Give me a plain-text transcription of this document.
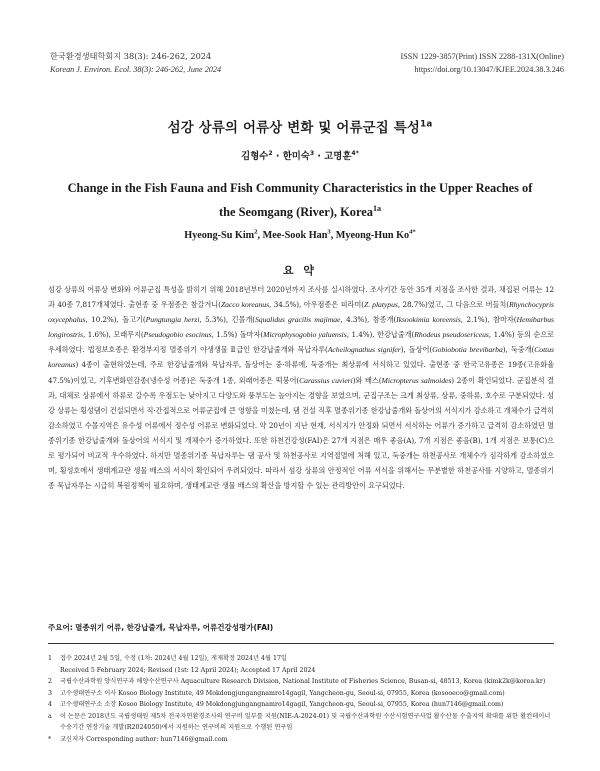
한국환경생태학회지 38(3): 246-262, 2024
Korean J. Environ. Ecol. 38(3): 246-262, June 2024
ISSN 1229-3857(Print) ISSN 2288-131X(Online)
https://doi.org/10.13047/KJEE.2024.38.3.246
섬강 상류의 어류상 변화 및 어류군집 특성$^{1a}$
김형수$^2$ · 한미숙$^3$ · 고명훈$^{4*}$
Change in the Fish Fauna and Fish Community Characteristics in the Upper Reaches of the Seomgang (River), Korea$^{1a}$
Hyeong-Su Kim$^2$, Mee-Sook Han$^3$, Myeong-Hun $Ko^{4*}$
요 약
섬강 상류의 어류상 변화와 어류군집 특성을 밝히기 위해 2018년부터 2020년까지 조사를 실시하였다. 조사기간 동안 35개 지점을 조사한 결과, 채집된 어류는 12과 40종 7,817개체였다. 출현종 중 우점종은 참갈겨니(Zacco koreanus, 34.5%), 아우점종은 피라미(Z. platypus, 28.7%)였고, 그 다음으로 버들치(Rhynchocypris oxycephalus, 10.2%), 돌고기(Pungtungia herzi, 5.3%), 긴몰개(Squalidus gracilis majimae, 4.3%), 참종개(Iksookimia koreensis, 2.1%), 참마자(Hemibarbus longirostris, 1.6%), 모래무지(Pseudogobio esocinus, 1.5%) 돌마자(Microphysogobio yaluensis, 1.4%), 한강납줄개(Rhodeus pseudosericeus, 1.4%) 등의 순으로 우세하였다. 법정보호종은 환경부지정 멸종위기 야생생물 Ⅱ급인 한강납줄개와 묵납자루(Acheilognathus signifer), 돌상어(Gobiobotia brevibarba), 둑중개(Cottus koreanus) 4종이 출현하였는데, 주로 한강납줄개와 묵납자루, 돌상어는 중·하류에, 둑중개는 최상류에 서식하고 있었다. 출현종 중 한국고유종은 19종(고유화율 47.5%)이었고, 기후변화민감종(냉수성 어종)은 둑중개 1종, 외래어종은 떡붕어(Carassius cuvieri)와 배스(Micropterus salmoides) 2종이 확인되었다. 군집분석 결과, 대체로 상류에서 하류로 갈수록 우점도는 낮아지고 다양도와 풍부도는 높아지는 경향을 보였으며, 군집구조는 크게 최상류, 상류, 중하류, 호수로 구분되었다. 섬강 상류는 횡성댐이 건설되면서 직·간접적으로 어류군집에 큰 영향을 미쳤는데, 댐 건설 직후 멸종위기종 한강납줄개와 돌상어의 서식지가 감소하고 개체수가 급격히 감소하였고 수몰지역은 유수성 어류에서 정수성 어류로 변화되었다. 약 20년이 지난 현재, 서식지가 안정화 되면서 서식하는 어류가 증가하고 급격히 감소하였던 멸종위기종 한강납줄개와 돌상어의 서식지 및 개체수가 증가하였다. 또한 하천건강성(FAI)은 27개 지점은 매우 좋음(A), 7개 지점은 좋음(B), 1개 지점은 보통(C)으로 평가되어 비교적 우수하였다. 하지만 멸종위기종 묵납자루는 댐 공사 및 하천공사로 지역절멸에 처해 있고, 둑중개는 하천공사로 개체수가 심각하게 감소하였으며, 횡성호에서 생태계교란 생물 배스의 서식이 확인되어 우려되었다. 따라서 섬강 상류의 안정적인 어류 서식을 위해서는 무분별한 하천공사를 지양하고, 멸종위기종 묵납자루는 시급히 복원정책이 필요하며, 생태계교란 생물 배스의 확산을 방지할 수 있는 관리방안이 요구되었다.
주요어: 멸종위기 어류, 한강납줄개, 묵납자루, 어류건강성평가(FAI)
1 접수 2024년 2월 5일, 수정 (1차: 2024년 4월 12일), 게재확정 2024년 4월 17일
Received 5 February 2024; Revised (1st: 12 April 2024); Accepted 17 April 2024
2 국립수산과학원 양식연구과 해양수산연구사 Aquaculture Research Division, National Institute of Fisheries Science, Busan-si, 48513, Korea (kimk2k@korea.kr)
3 고수생태연구소 이사 Kosoo Biology Institute, 49 Mokdongjungangnamro14gagil, Yangcheon-gu, Seoul-si, 07955, Korea (kosooeco@gmail.com)
4 고수생태연구소 소장 Kosoo Biology Institute, 49 Mokdongjungangnamro14gagil, Yangcheon-gu, Seoul-si, 07955, Korea (hun7146@gmail.com)
a 이 논문은 2018년도 국립생태원 제5차 전국자연환경조사의 연구비 일부를 지원(NIE-A-2024-01) 및 국립수산과학원 수산시험연구사업 활수산물 수출지역 확대를 위한 활컨테이너 수송기간 연장기술 개발(R2024050)에서 지원하는 연구비의 지원으로 수행된 연구임
* 교신저자 Corresponding author: hun7146@gmail.com
